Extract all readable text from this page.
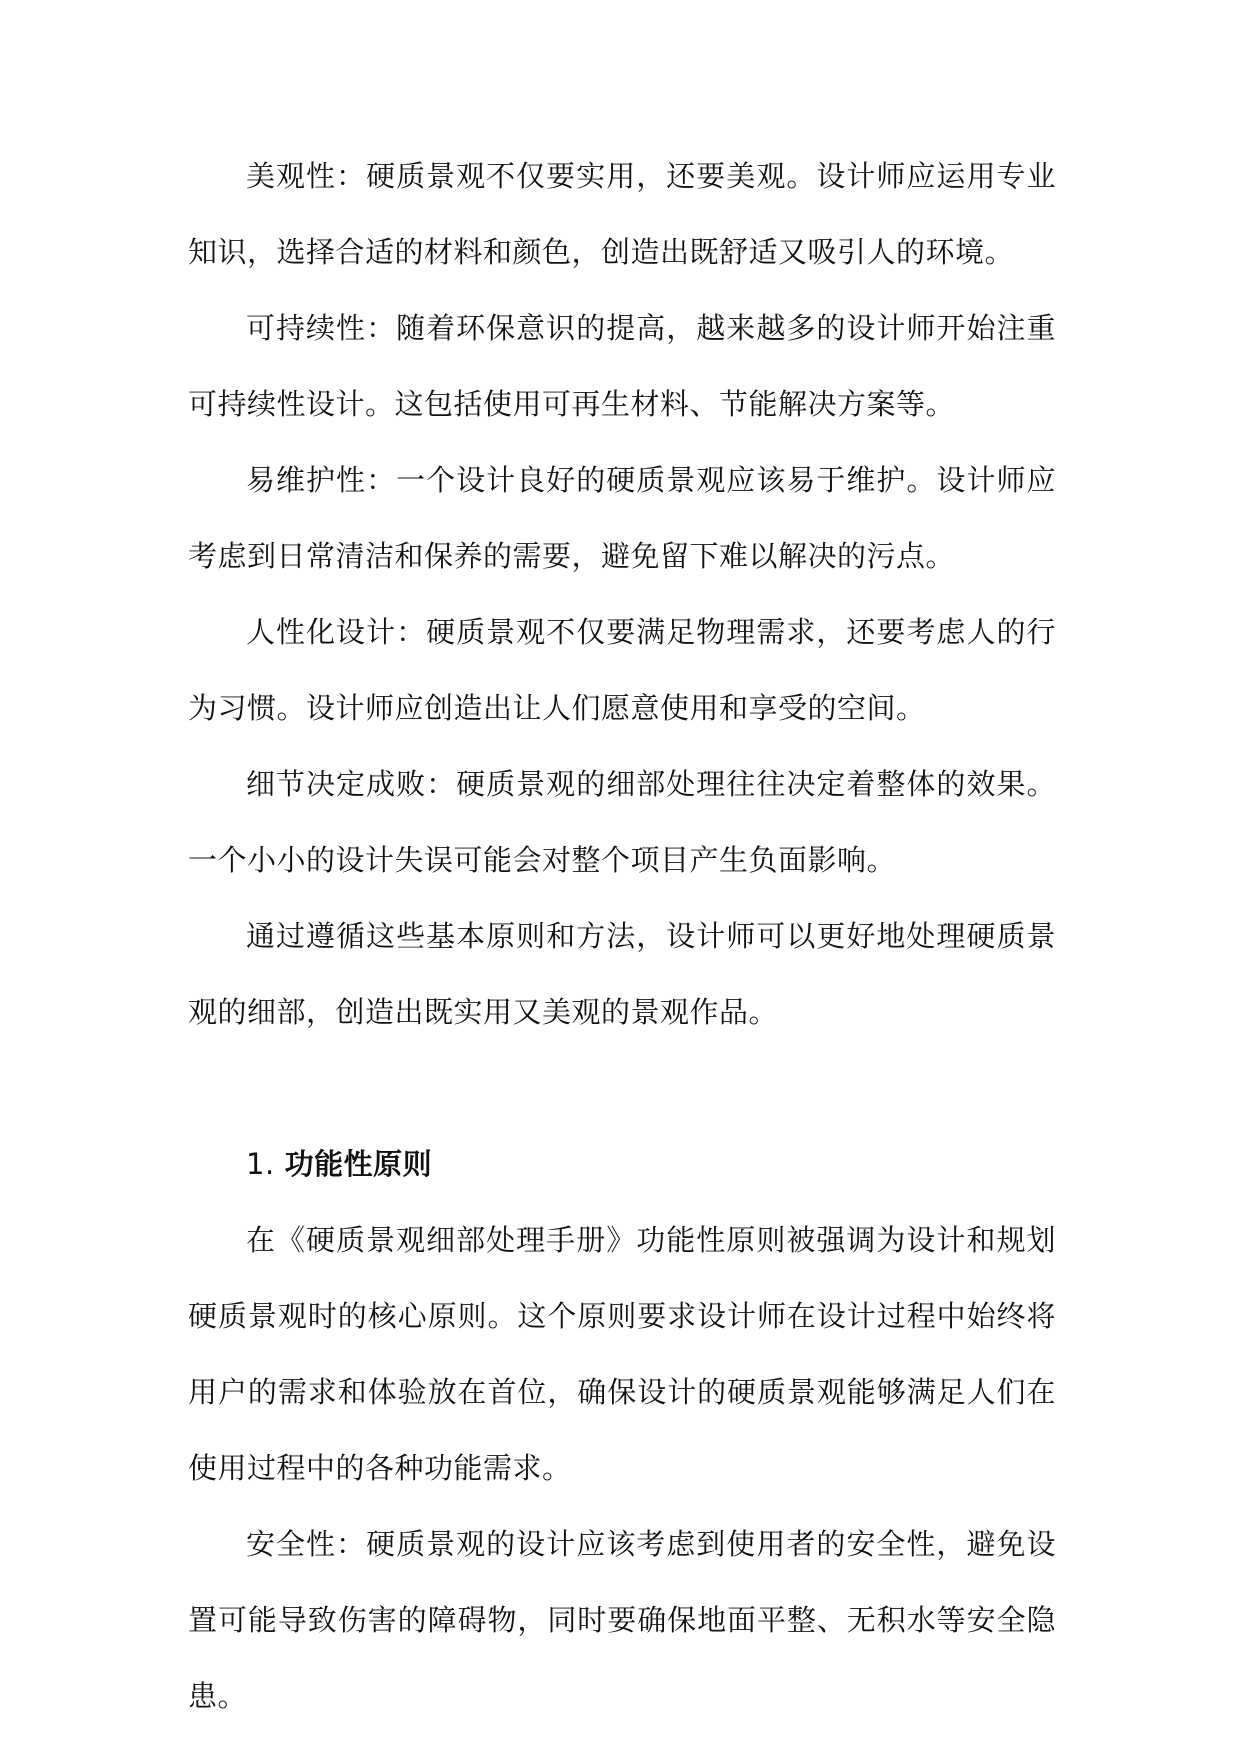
美观性：硬质景观不仅要实用，还要美观。设计师应运用专业知识，选择合适的材料和颜色，创造出既舒适又吸引人的环境。

可持续性：随着环保意识的提高，越来越多的设计师开始注重可持续性设计。这包括使用可再生材料、节能解决方案等。

易维护性：一个设计良好的硬质景观应该易于维护。设计师应考虑到日常清洁和保养的需要，避免留下难以解决的污点。

人性化设计：硬质景观不仅要满足物理需求，还要考虑人的行为习惯。设计师应创造出让人们愿意使用和享受的空间。

细节决定成败：硬质景观的细部处理往往决定着整体的效果。一个小小的设计失误可能会对整个项目产生负面影响。

通过遵循这些基本原则和方法，设计师可以更好地处理硬质景观的细部，创造出既实用又美观的景观作品。

1. 功能性原则

在《硬质景观细部处理手册》功能性原则被强调为设计和规划硬质景观时的核心原则。这个原则要求设计师在设计过程中始终将用户的需求和体验放在首位，确保设计的硬质景观能够满足人们在使用过程中的各种功能需求。

安全性：硬质景观的设计应该考虑到使用者的安全性，避免设置可能导致伤害的障碍物，同时要确保地面平整、无积水等安全隐患。
